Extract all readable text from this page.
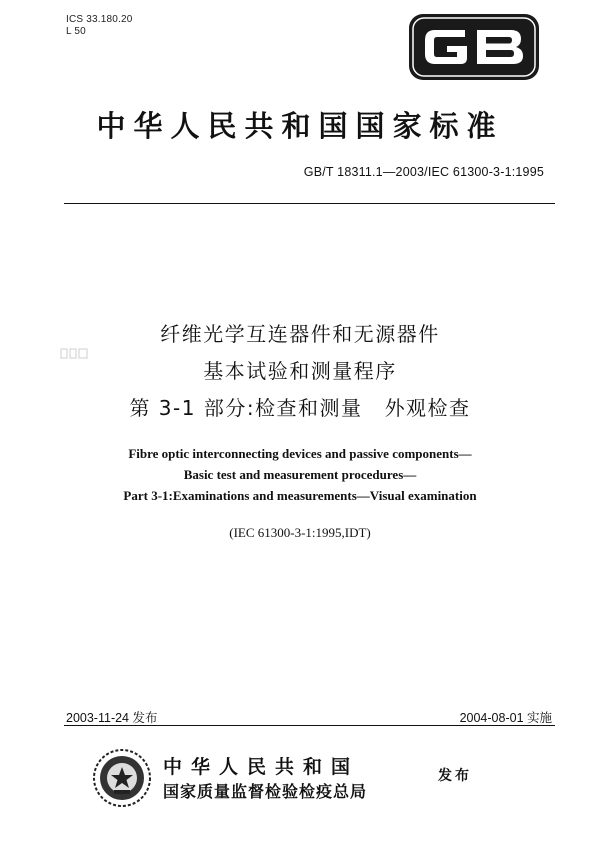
ICS 33.180.20
L 50
中华人民共和国国家标准
GB/T 18311.1—2003/IEC 61300-3-1:1995
纤维光学互连器件和无源器件
基本试验和测量程序
第 3-1 部分:检查和测量 外观检查
Fibre optic interconnecting devices and passive components—
Basic test and measurement procedures—
Part 3-1:Examinations and measurements—Visual examination
(IEC 61300-3-1:1995,IDT)
2003-11-24 发布	2004-08-01 实施
中华人民共和国
国家质量监督检验检疫总局
发布
